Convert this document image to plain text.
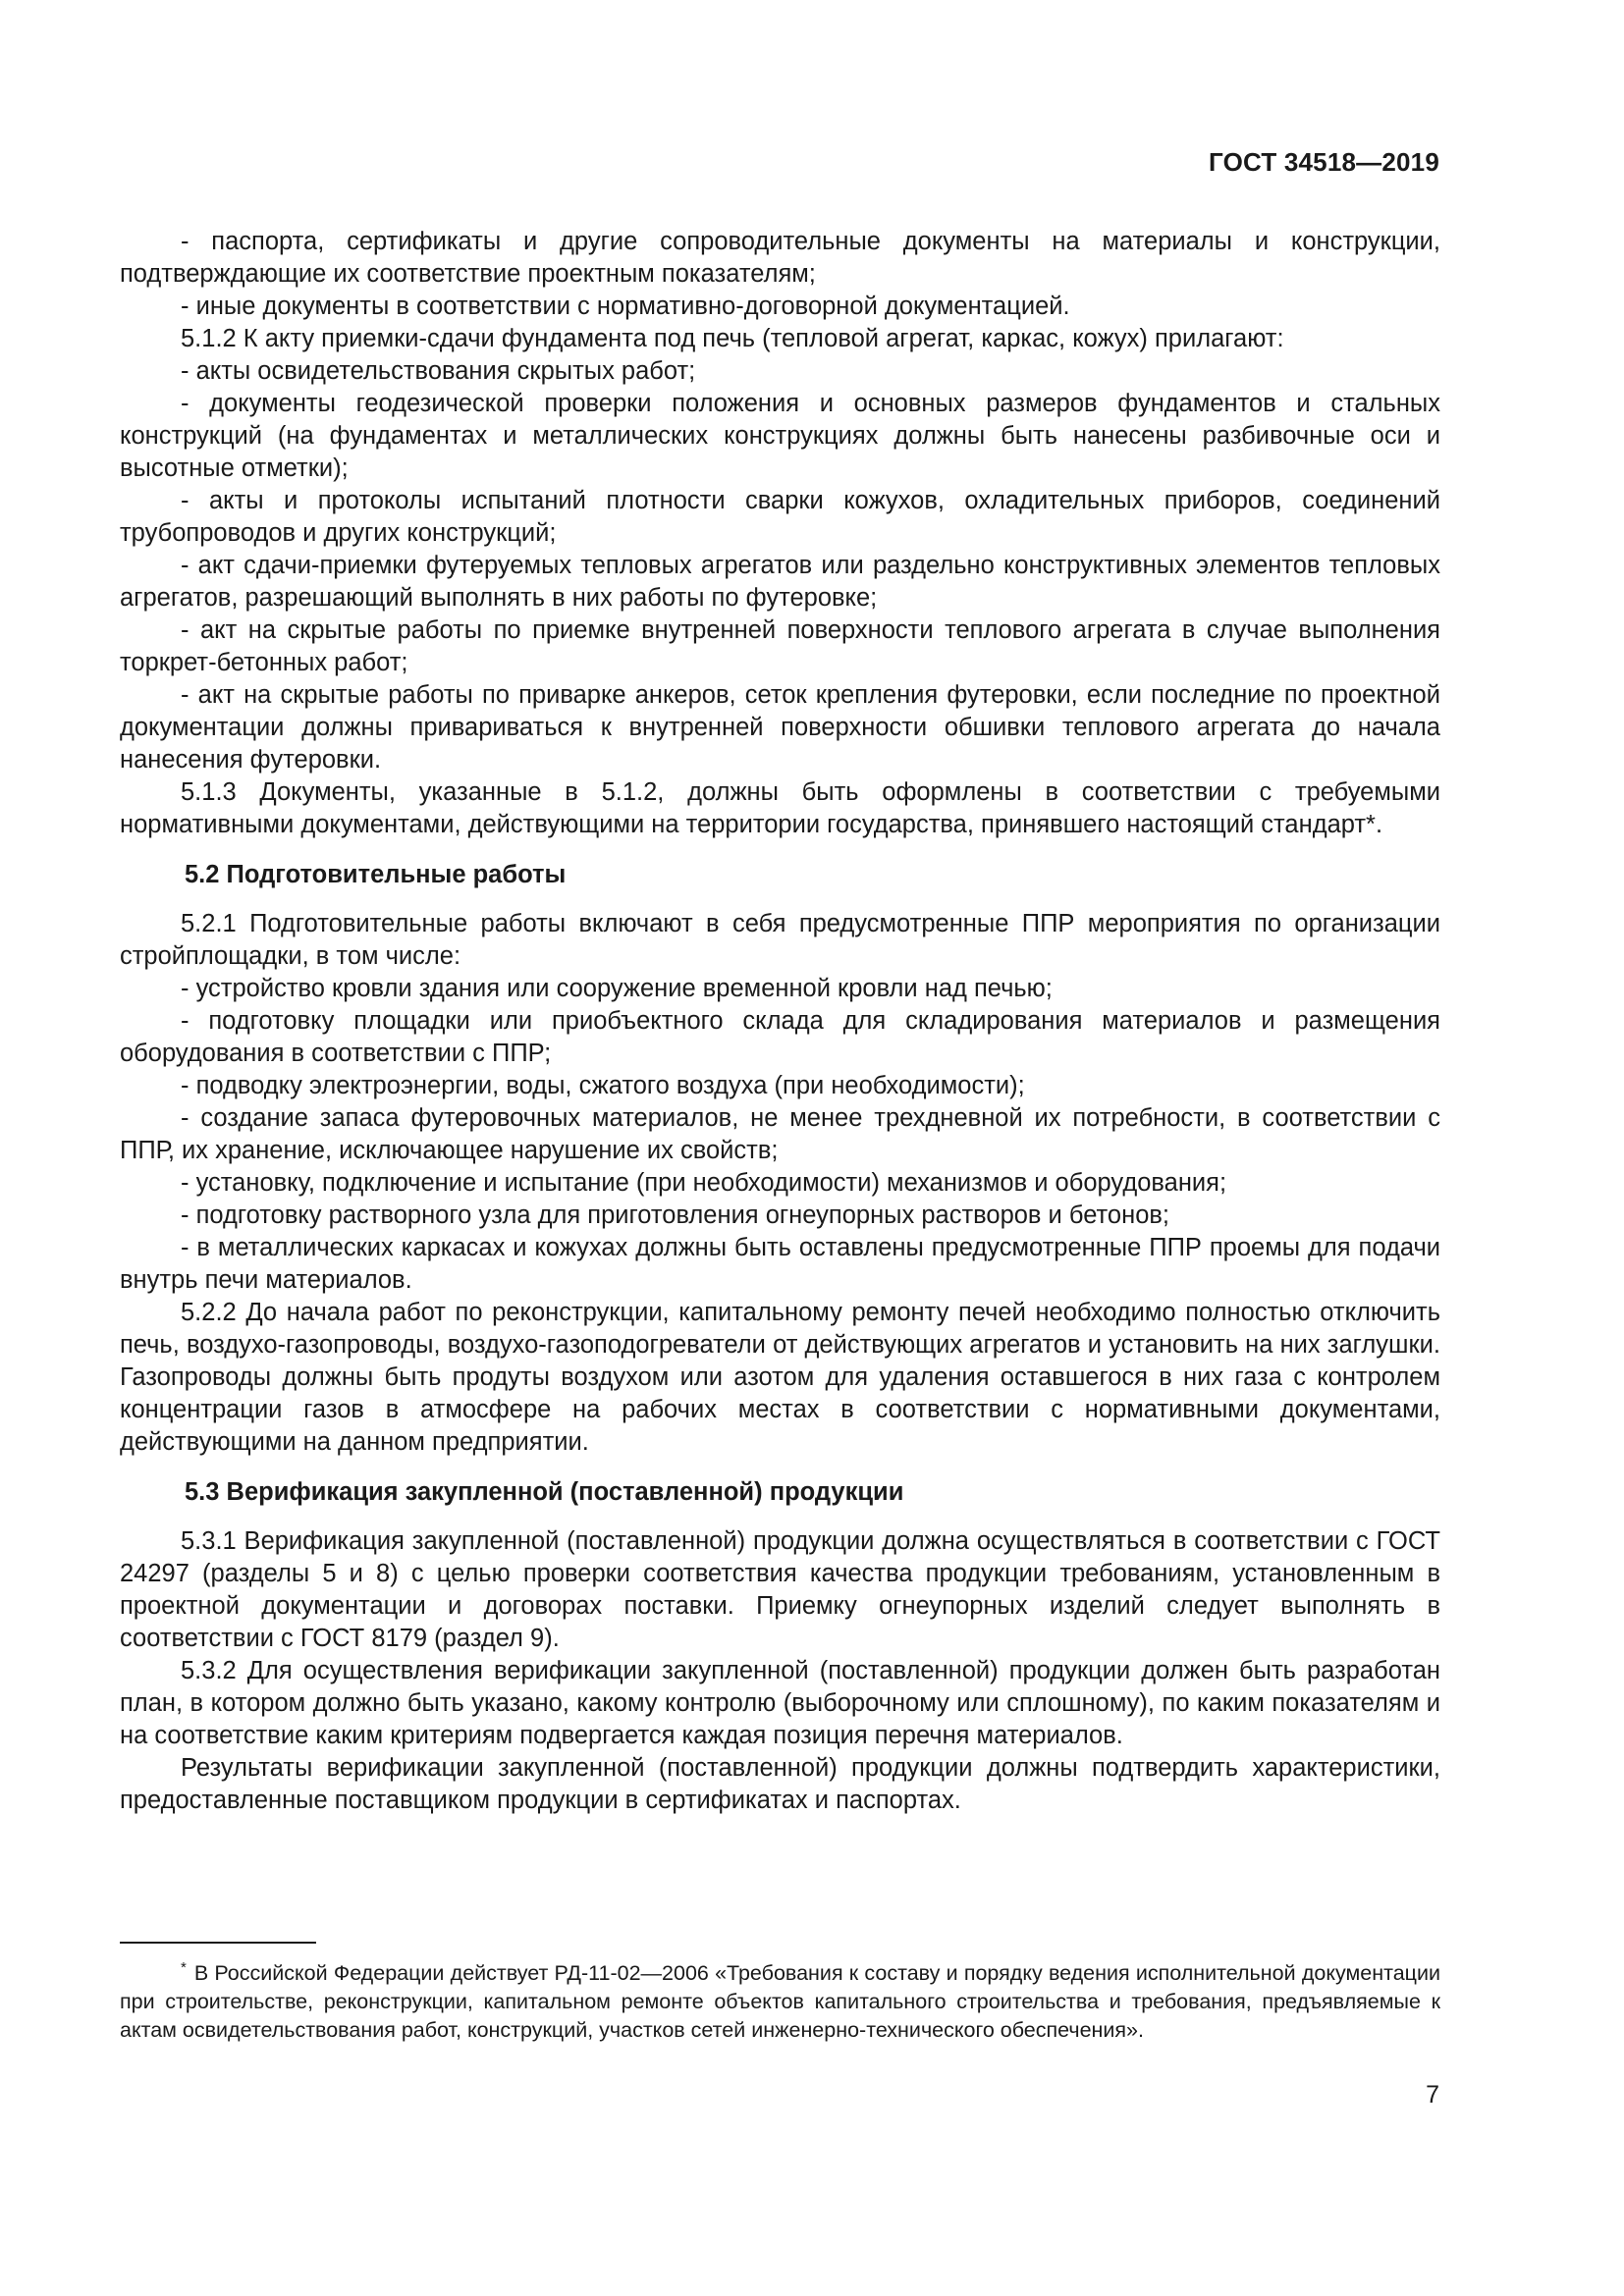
ГОСТ 34518—2019

- паспорта, сертификаты и другие сопроводительные документы на материалы и конструкции, подтверждающие их соответствие проектным показателям;

- иные документы в соответствии с нормативно-договорной документацией.

5.1.2 К акту приемки-сдачи фундамента под печь (тепловой агрегат, каркас, кожух) прилагают:

- акты освидетельствования скрытых работ;

- документы геодезической проверки положения и основных размеров фундаментов и стальных конструкций (на фундаментах и металлических конструкциях должны быть нанесены разбивочные оси и высотные отметки);

- акты и протоколы испытаний плотности сварки кожухов, охладительных приборов, соединений трубопроводов и других конструкций;

- акт сдачи-приемки футеруемых тепловых агрегатов или раздельно конструктивных элементов тепловых агрегатов, разрешающий выполнять в них работы по футеровке;

- акт на скрытые работы по приемке внутренней поверхности теплового агрегата в случае выполнения торкрет-бетонных работ;

- акт на скрытые работы по приварке анкеров, сеток крепления футеровки, если последние по проектной документации должны привариваться к внутренней поверхности обшивки теплового агрегата до начала нанесения футеровки.

5.1.3 Документы, указанные в 5.1.2, должны быть оформлены в соответствии с требуемыми нормативными документами, действующими на территории государства, принявшего настоящий стандарт*.

5.2 Подготовительные работы

5.2.1 Подготовительные работы включают в себя предусмотренные ППР мероприятия по организации стройплощадки, в том числе:

- устройство кровли здания или сооружение временной кровли над печью;

- подготовку площадки или приобъектного склада для складирования материалов и размещения оборудования в соответствии с ППР;

- подводку электроэнергии, воды, сжатого воздуха (при необходимости);

- создание запаса футеровочных материалов, не менее трехдневной их потребности, в соответствии с ППР, их хранение, исключающее нарушение их свойств;

- установку, подключение и испытание (при необходимости) механизмов и оборудования;

- подготовку растворного узла для приготовления огнеупорных растворов и бетонов;

- в металлических каркасах и кожухах должны быть оставлены предусмотренные ППР проемы для подачи внутрь печи материалов.

5.2.2 До начала работ по реконструкции, капитальному ремонту печей необходимо полностью отключить печь, воздухо-газопроводы, воздухо-газоподогреватели от действующих агрегатов и установить на них заглушки. Газопроводы должны быть продуты воздухом или азотом для удаления оставшегося в них газа с контролем концентрации газов в атмосфере на рабочих местах в соответствии с нормативными документами, действующими на данном предприятии.

5.3 Верификация закупленной (поставленной) продукции

5.3.1 Верификация закупленной (поставленной) продукции должна осуществляться в соответствии с ГОСТ 24297 (разделы 5 и 8) с целью проверки соответствия качества продукции требованиям, установленным в проектной документации и договорах поставки. Приемку огнеупорных изделий следует выполнять в соответствии с ГОСТ 8179 (раздел 9).

5.3.2 Для осуществления верификации закупленной (поставленной) продукции должен быть разработан план, в котором должно быть указано, какому контролю (выборочному или сплошному), по каким показателям и на соответствие каким критериям подвергается каждая позиция перечня материалов.

Результаты верификации закупленной (поставленной) продукции должны подтвердить характеристики, предоставленные поставщиком продукции в сертификатах и паспортах.

* В Российской Федерации действует РД-11-02—2006 «Требования к составу и порядку ведения исполнительной документации при строительстве, реконструкции, капитальном ремонте объектов капитального строительства и требования, предъявляемые к актам освидетельствования работ, конструкций, участков сетей инженерно-технического обеспечения».

7
